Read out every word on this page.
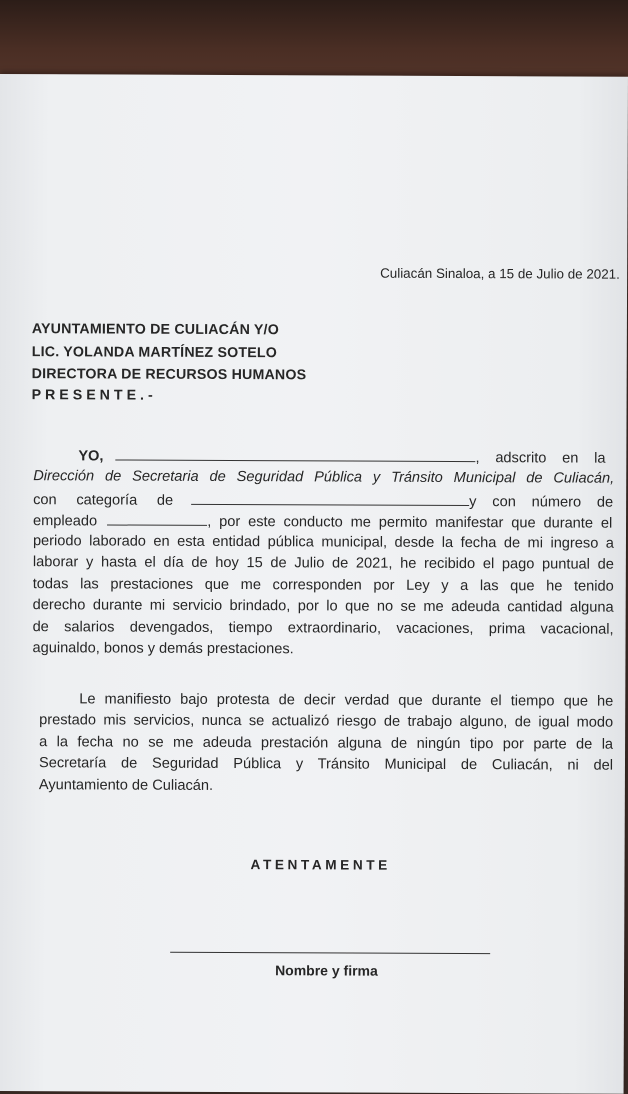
Culiacán Sinaloa, a 15 de Julio de 2021.
AYUNTAMIENTO DE CULIACÁN Y/O
LIC. YOLANDA MARTÍNEZ SOTELO
DIRECTORA DE RECURSOS HUMANOS
PRESENTE.-
YO,	, adscrito en la
Dirección de Secretaria de Seguridad Pública y Tránsito Municipal de Culiacán,
con categoría de	y con número de
empleado	, por este conducto me permito manifestar que durante el
periodo laborado en esta entidad pública municipal, desde la fecha de mi ingreso a
laborar y hasta el día de hoy 15 de Julio de 2021, he recibido el pago puntual de
todas las prestaciones que me corresponden por Ley y a las que he tenido
derecho durante mi servicio brindado, por lo que no se me adeuda cantidad alguna
de salarios devengados, tiempo extraordinario, vacaciones, prima vacacional,
aguinaldo, bonos y demás prestaciones.
Le manifiesto bajo protesta de decir verdad que durante el tiempo que he
prestado mis servicios, nunca se actualizó riesgo de trabajo alguno, de igual modo
a la fecha no se me adeuda prestación alguna de ningún tipo por parte de la
Secretaría de Seguridad Pública y Tránsito Municipal de Culiacán, ni del
Ayuntamiento de Culiacán.
ATENTAMENTE
Nombre y firma
